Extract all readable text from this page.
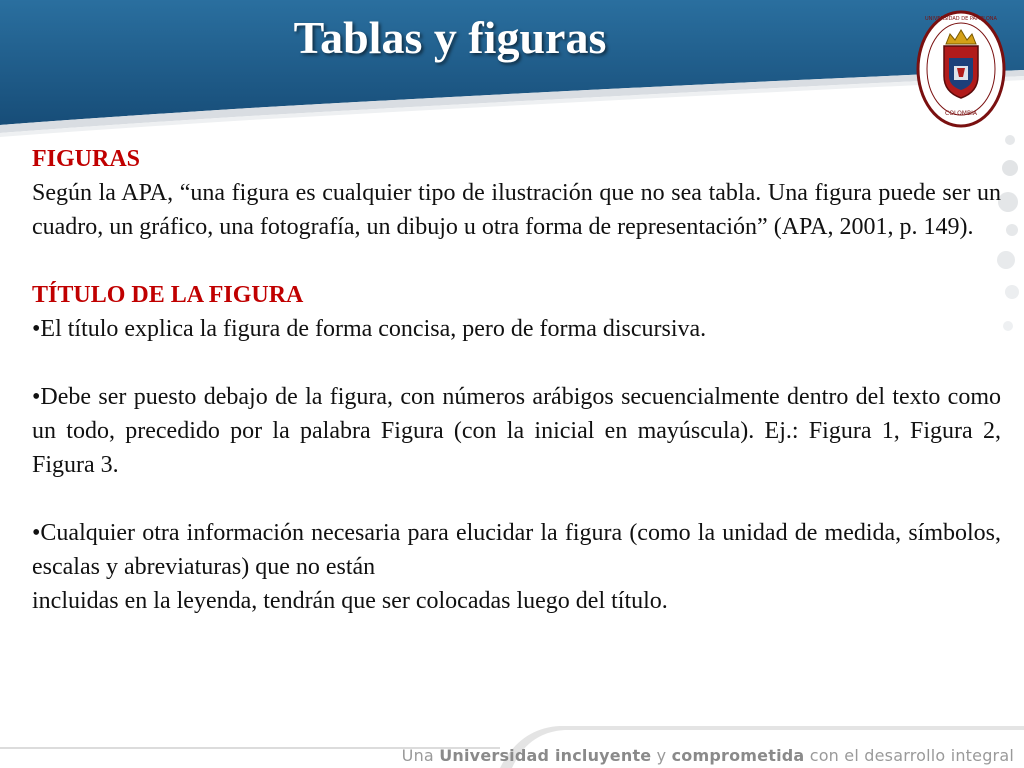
Tablas y figuras	UNIVERSIDAD DE PAMPLONA
COLOMBIA

FIGURAS

Según la APA, “una figura es cualquier tipo de ilustración que no sea tabla. Una figura puede ser un cuadro, un gráfico, una fotografía, un dibujo u otra forma de representación” (APA, 2001, p. 149).

TÍTULO DE LA FIGURA

•El título explica la figura de forma concisa, pero de forma discursiva.

•Debe ser puesto debajo de la figura, con números arábigos secuencialmente dentro del texto como un todo, precedido por la palabra Figura (con la inicial en mayúscula). Ej.: Figura 1, Figura 2, Figura 3.

•Cualquier otra información necesaria para elucidar la figura (como la unidad de medida, símbolos, escalas y abreviaturas) que no están

incluidas en la leyenda, tendrán que ser colocadas luego del título.

Una Universidad incluyente y comprometida con el desarrollo integral
